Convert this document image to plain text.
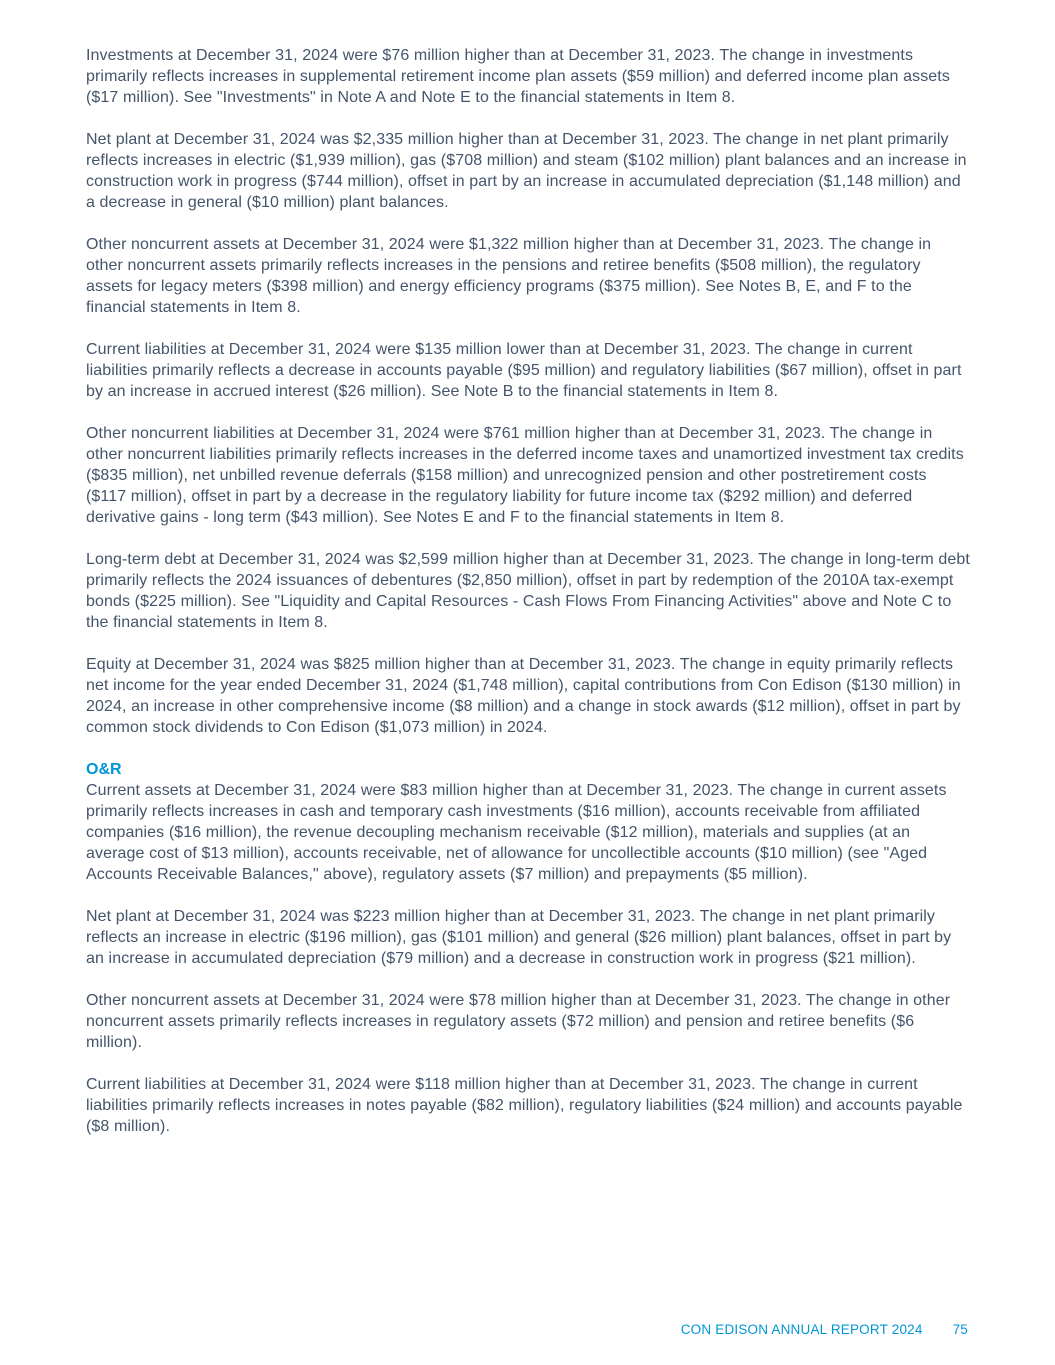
Investments at December 31, 2024 were $76 million higher than at December 31, 2023. The change in investments primarily reflects increases in supplemental retirement income plan assets ($59 million) and deferred income plan assets ($17 million). See "Investments" in Note A and Note E to the financial statements in Item 8.

Net plant at December 31, 2024 was $2,335 million higher than at December 31, 2023. The change in net plant primarily reflects increases in electric ($1,939 million), gas ($708 million) and steam ($102 million) plant balances and an increase in construction work in progress ($744 million), offset in part by an increase in accumulated depreciation ($1,148 million) and a decrease in general ($10 million) plant balances.

Other noncurrent assets at December 31, 2024 were $1,322 million higher than at December 31, 2023. The change in other noncurrent assets primarily reflects increases in the pensions and retiree benefits ($508 million), the regulatory assets for legacy meters ($398 million) and energy efficiency programs ($375 million). See Notes B, E, and F to the financial statements in Item 8.

Current liabilities at December 31, 2024 were $135 million lower than at December 31, 2023. The change in current liabilities primarily reflects a decrease in accounts payable ($95 million) and regulatory liabilities ($67 million), offset in part by an increase in accrued interest ($26 million). See Note B to the financial statements in Item 8.

Other noncurrent liabilities at December 31, 2024 were $761 million higher than at December 31, 2023. The change in other noncurrent liabilities primarily reflects increases in the deferred income taxes and unamortized investment tax credits ($835 million), net unbilled revenue deferrals ($158 million) and unrecognized pension and other postretirement costs ($117 million), offset in part by a decrease in the regulatory liability for future income tax ($292 million) and deferred derivative gains - long term ($43 million). See Notes E and F to the financial statements in Item 8.

Long-term debt at December 31, 2024 was $2,599 million higher than at December 31, 2023. The change in long-term debt primarily reflects the 2024 issuances of debentures ($2,850 million), offset in part by redemption of the 2010A tax-exempt bonds ($225 million). See "Liquidity and Capital Resources - Cash Flows From Financing Activities" above and Note C to the financial statements in Item 8.

Equity at December 31, 2024 was $825 million higher than at December 31, 2023. The change in equity primarily reflects net income for the year ended December 31, 2024 ($1,748 million), capital contributions from Con Edison ($130 million) in 2024, an increase in other comprehensive income ($8 million) and a change in stock awards ($12 million), offset in part by common stock dividends to Con Edison ($1,073 million) in 2024.

O&R

Current assets at December 31, 2024 were $83 million higher than at December 31, 2023. The change in current assets primarily reflects increases in cash and temporary cash investments ($16 million), accounts receivable from affiliated companies ($16 million), the revenue decoupling mechanism receivable ($12 million), materials and supplies (at an average cost of $13 million), accounts receivable, net of allowance for uncollectible accounts ($10 million) (see "Aged Accounts Receivable Balances," above), regulatory assets ($7 million) and prepayments ($5 million).

Net plant at December 31, 2024 was $223 million higher than at December 31, 2023. The change in net plant primarily reflects an increase in electric ($196 million), gas ($101 million) and general ($26 million) plant balances, offset in part by an increase in accumulated depreciation ($79 million) and a decrease in construction work in progress ($21 million).

Other noncurrent assets at December 31, 2024 were $78 million higher than at December 31, 2023. The change in other noncurrent assets primarily reflects increases in regulatory assets ($72 million) and pension and retiree benefits ($6 million).

Current liabilities at December 31, 2024 were $118 million higher than at December 31, 2023. The change in current liabilities primarily reflects increases in notes payable ($82 million), regulatory liabilities ($24 million) and accounts payable ($8 million).

CON EDISON ANNUAL REPORT 2024 75
